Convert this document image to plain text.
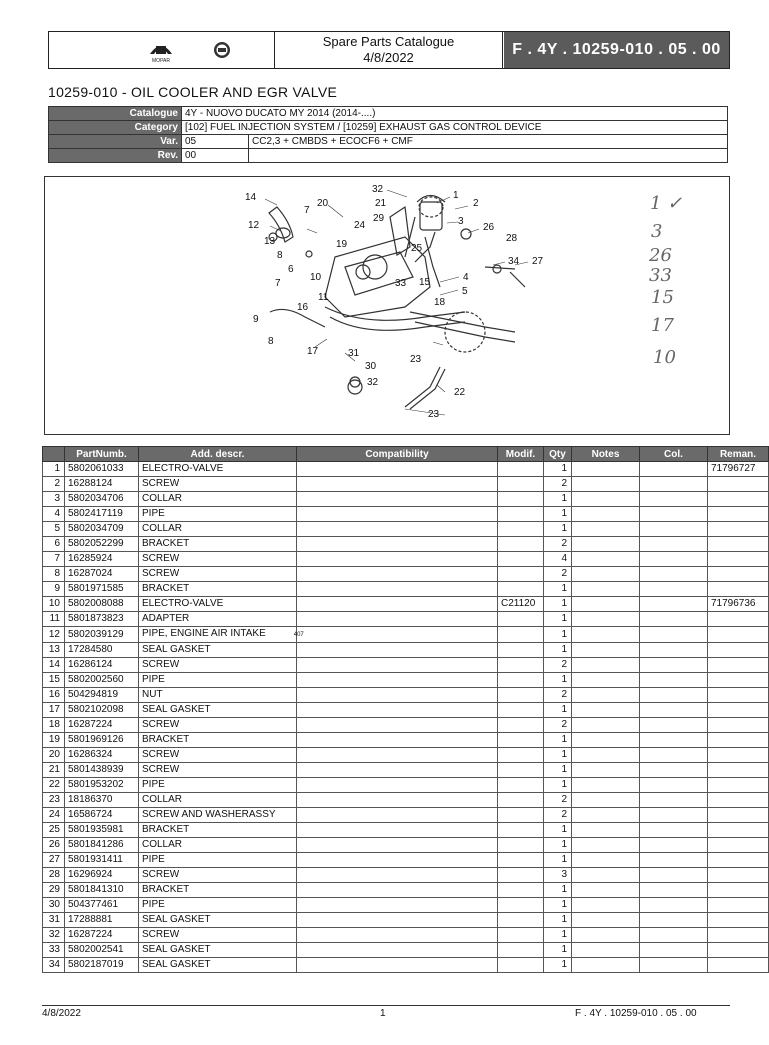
MOPAR
Spare Parts Catalogue
4/8/2022	F . 4Y . 10259-010 . 05 . 00
10259-010 - OIL COOLER AND EGR VALVE
Catalogue	4Y - NUOVO DUCATO MY 2014 (2014-....)	
Category	[102] FUEL INJECTION SYSTEM / [10259] EXHAUST GAS CONTROL DEVICE	
Var.	05	CC2,3 + CMBDS + ECOCF6 + CMF
Rev.	00	
32
1
14
20	21	2
7
29	3
12	24	26
13	19	25
28
8
6
34 27
10	4
33 15
7
11
5
18
16
9
8
17	31
23
30
32
22
23
1 ✓
3
26
33
15
17
10
	PartNumb.	Add. descr.	Compatibility	Modif.	Qty	Notes	Col.	Reman.
1	5802061033	ELECTRO-VALVE			1			71796727
2	16288124	SCREW			2			
3	5802034706	COLLAR			1			
4	5802417119	PIPE			1			
5	5802034709	COLLAR			1			
6	5802052299	BRACKET			2			
7	16285924	SCREW			4			
8	16287024	SCREW			2			
9	5801971585	BRACKET			1			
10	5802008088	ELECTRO-VALVE		C21120	1			71796736
11	5801873823	ADAPTER			1			
12	5802039129	PIPE, ENGINE AIR INTAKE 407			1			
13	17284580	SEAL GASKET			1			
14	16286124	SCREW			2			
15	5802002560	PIPE			1			
16	504294819	NUT			2			
17	5802102098	SEAL GASKET			1			
18	16287224	SCREW			2			
19	5801969126	BRACKET			1			
20	16286324	SCREW			1			
21	5801438939	SCREW			1			
22	5801953202	PIPE			1			
23	18186370	COLLAR			2			
24	16586724	SCREW AND WASHERASSY			2			
25	5801935981	BRACKET			1			
26	5801841286	COLLAR			1			
27	5801931411	PIPE			1			
28	16296924	SCREW			3			
29	5801841310	BRACKET			1			
30	504377461	PIPE			1			
31	17288881	SEAL GASKET			1			
32	16287224	SCREW			1			
33	5802002541	SEAL GASKET			1			
34	5802187019	SEAL GASKET			1			
4/8/2022	1	F . 4Y . 10259-010 . 05 . 00
